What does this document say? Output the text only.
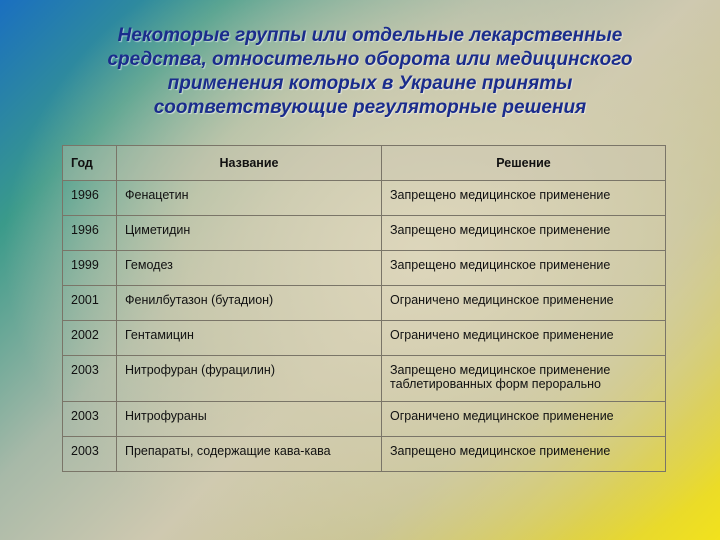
Некоторые группы или отдельные лекарственные
средства, относительно оборота или медицинского
применения которых в Украине приняты
соответствующие регуляторные решения
Год	Название	Решение
1996	Фенацетин	Запрещено медицинское применение
1996	Циметидин	Запрещено медицинское применение
1999	Гемодез	Запрещено медицинское применение
2001	Фенилбутазон (бутадион)	Ограничено медицинское применение
2002	Гентамицин	Ограничено медицинское применение
2003	Нитрофуран (фурацилин)	Запрещено медицинское применение таблетированных форм перорально
2003	Нитрофураны	Ограничено медицинское применение
2003	Препараты, содержащие кава-кава	Запрещено медицинское применение
